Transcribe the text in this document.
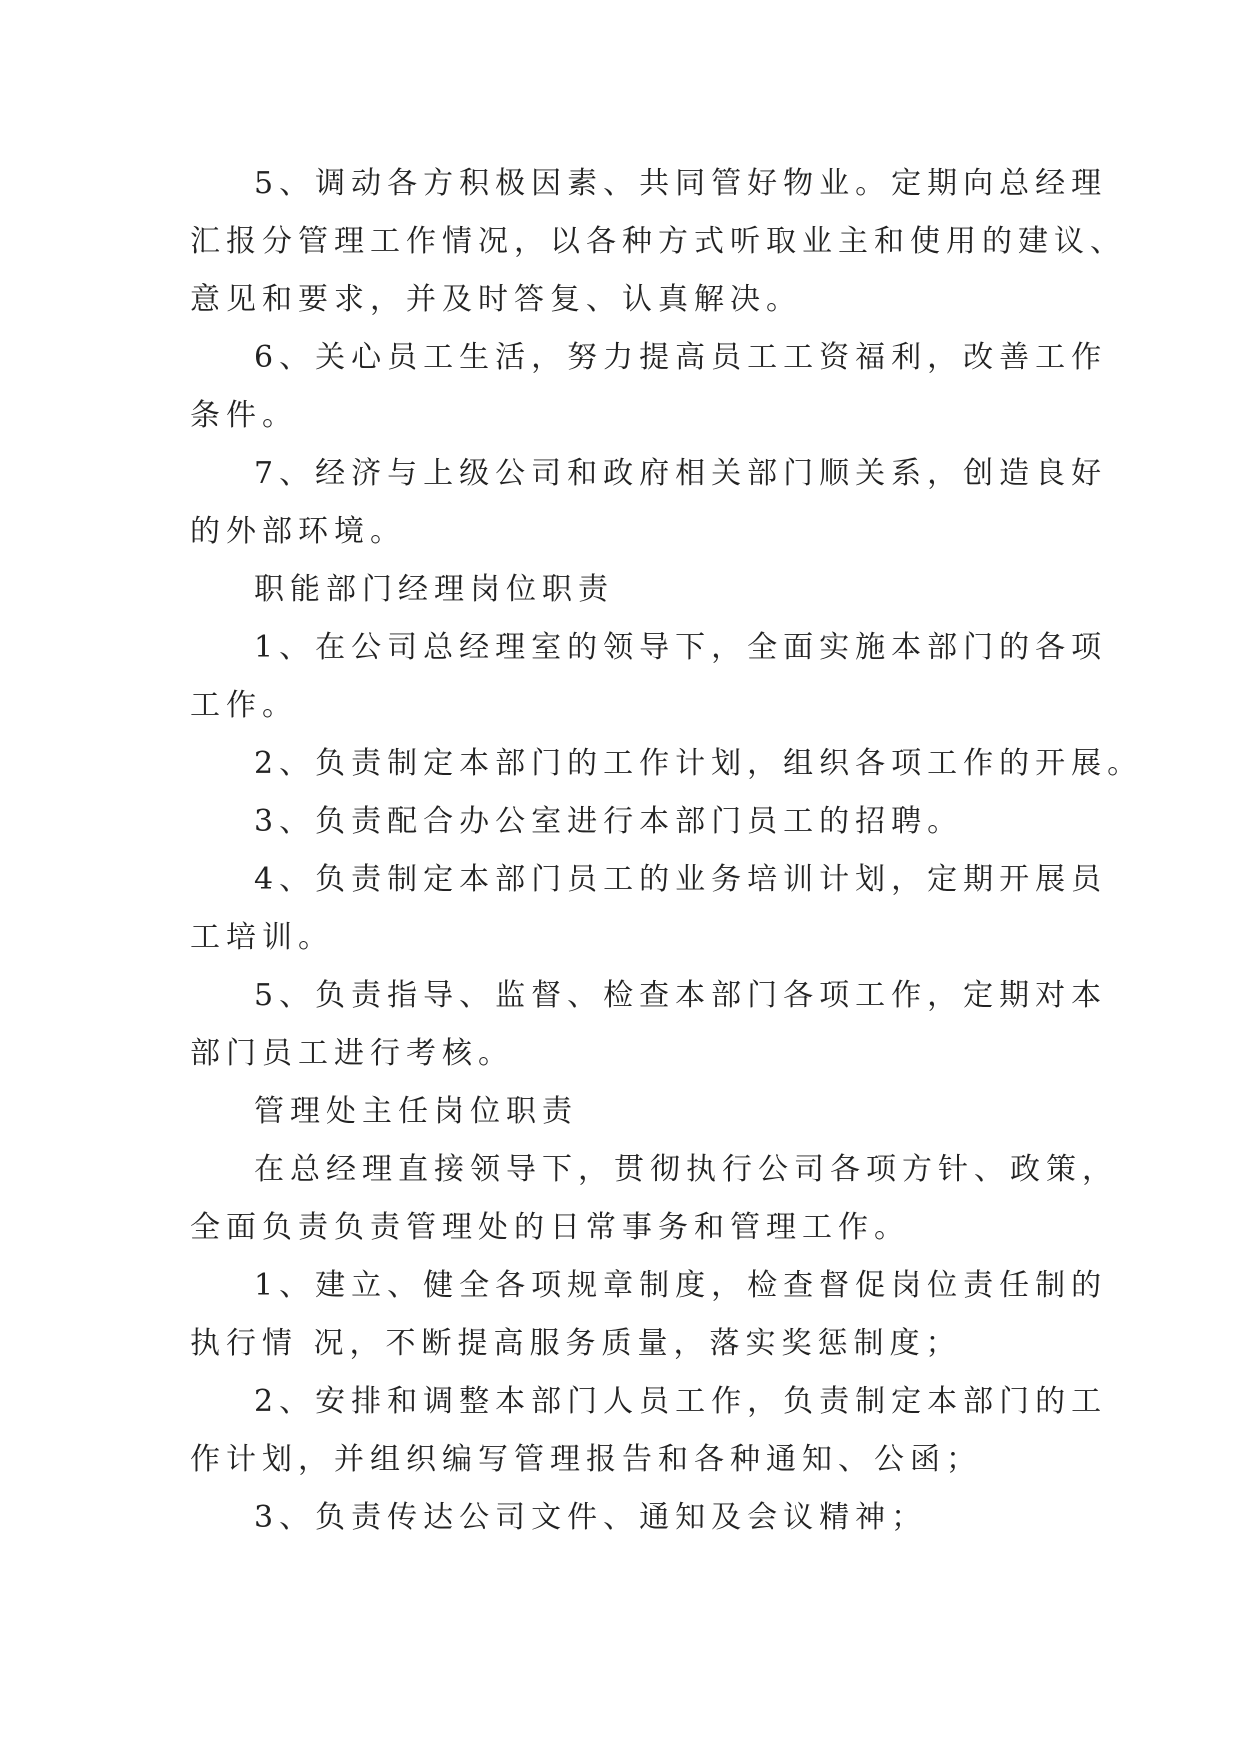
5、调动各方积极因素、共同管好物业。定期向总经理
汇报分管理工作情况，以各种方式听取业主和使用的建议、
意见和要求，并及时答复、认真解决。
6、关心员工生活，努力提高员工工资福利，改善工作
条件。
7、经济与上级公司和政府相关部门顺关系，创造良好
的外部环境。
职能部门经理岗位职责
1、在公司总经理室的领导下，全面实施本部门的各项
工作。
2、负责制定本部门的工作计划，组织各项工作的开展。
3、负责配合办公室进行本部门员工的招聘。
4、负责制定本部门员工的业务培训计划，定期开展员
工培训。
5、负责指导、监督、检查本部门各项工作，定期对本
部门员工进行考核。
管理处主任岗位职责
在总经理直接领导下，贯彻执行公司各项方针、政策，
全面负责负责管理处的日常事务和管理工作。
1、建立、健全各项规章制度，检查督促岗位责任制的
执行情 况，不断提高服务质量，落实奖惩制度；
2、安排和调整本部门人员工作，负责制定本部门的工
作计划，并组织编写管理报告和各种通知、公函；
3、负责传达公司文件、通知及会议精神；
